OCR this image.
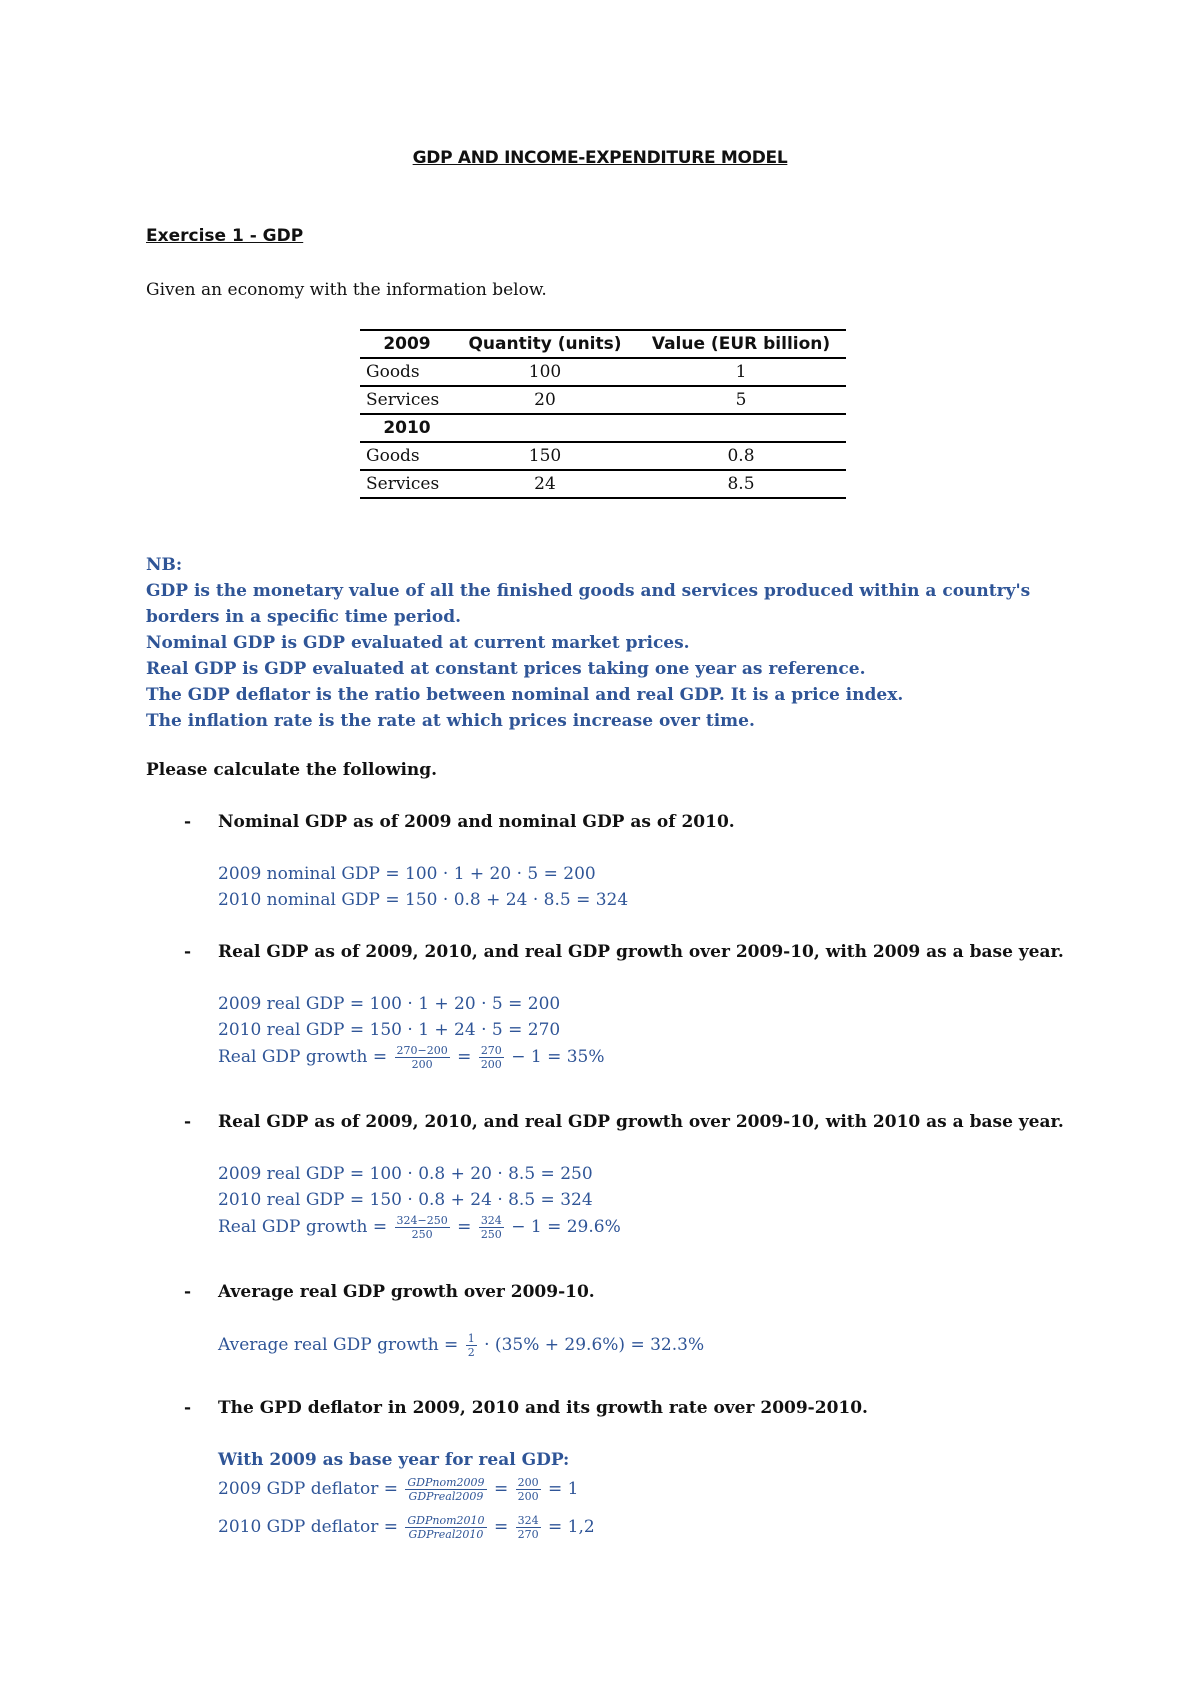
GDP AND INCOME-EXPENDITURE MODEL
Exercise 1 - GDP
Given an economy with the information below.
2009	Quantity (units)	Value (EUR billion)
Goods	100	1
Services	20	5
2010		
Goods	150	0.8
Services	24	8.5

NB:

GDP is the monetary value of all the finished goods and services produced within a country's borders in a specific time period.

Nominal GDP is GDP evaluated at current market prices.

Real GDP is GDP evaluated at constant prices taking one year as reference.

The GDP deflator is the ratio between nominal and real GDP. It is a price index.

The inflation rate is the rate at which prices increase over time.

Please calculate the following.
- Nominal GDP as of 2009 and nominal GDP as of 2010.
2009 nominal GDP = 100 · 1 + 20 · 5 = 200
2010 nominal GDP = 150 · 0.8 + 24 · 8.5 = 324
- Real GDP as of 2009, 2010, and real GDP growth over 2009-10, with 2009 as a base year.
2009 real GDP = 100 · 1 + 20 · 5 = 200
2010 real GDP = 150 · 1 + 24 · 5 = 270
Real GDP growth = $\frac{270-200}{200} = \frac{270}{200} - 1 = 35\%$
- Real GDP as of 2009, 2010, and real GDP growth over 2009-10, with 2010 as a base year.
2009 real GDP = 100 · 0.8 + 20 · 8.5 = 250
2010 real GDP = 150 · 0.8 + 24 · 8.5 = 324
Real GDP growth = $\frac{324-250}{250} = \frac{324}{250} - 1 = 29.6\%$
- Average real GDP growth over 2009-10.
Average real GDP growth = $\frac{1}{2} \cdot (35\% + 29.6\%) = 32.3\%$
- The GPD deflator in 2009, 2010 and its growth rate over 2009-2010.
With 2009 as base year for real GDP:
2009 GDP deflator = $\frac{\text{GDPnom2009}}{\text{GDPreal2009}} = \frac{200}{200} = 1$
2010 GDP deflator = $\frac{\text{GDPnom2010}}{\text{GDPreal2010}} = \frac{324}{270} = 1,2$
